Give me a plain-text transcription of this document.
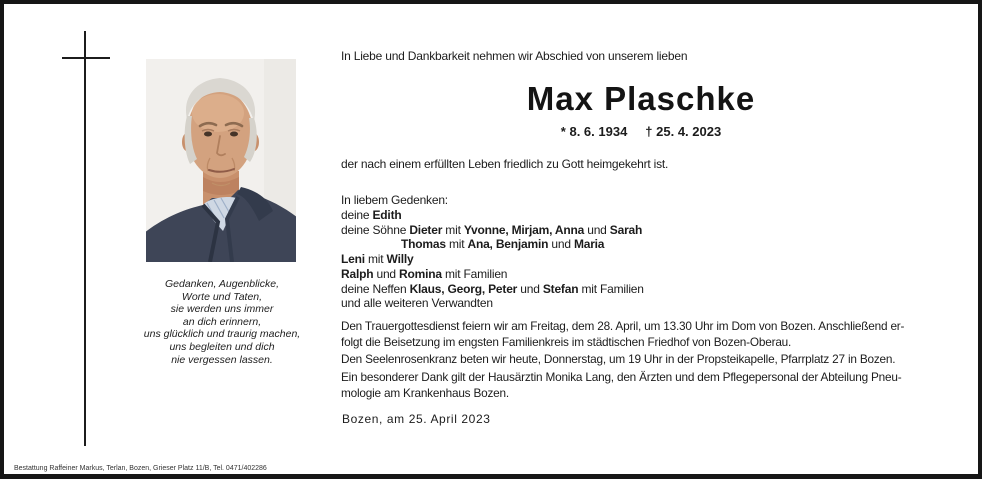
Gedanken, Augenblicke,
Worte und Taten,
sie werden uns immer
an dich erinnern,
uns glücklich und traurig machen,
uns begleiten und dich
nie vergessen lassen.
In Liebe und Dankbarkeit nehmen wir Abschied von unserem lieben
Max Plaschke
* 8. 6. 1934 † 25. 4. 2023
der nach einem erfüllten Leben friedlich zu Gott heimgekehrt ist.
In liebem Gedenken:
deine Edith
deine Söhne Dieter mit Yvonne, Mirjam, Anna und Sarah
Thomas mit Ana, Benjamin und Maria
Leni mit Willy
Ralph und Romina mit Familien
deine Neffen Klaus, Georg, Peter und Stefan mit Familien
und alle weiteren Verwandten

Den Trauergottesdienst feiern wir am Freitag, dem 28. April, um 13.30 Uhr im Dom von Bozen. Anschließend er-
folgt die Beisetzung im engsten Familienkreis im städtischen Friedhof von Bozen-Oberau.

Den Seelenrosenkranz beten wir heute, Donnerstag, um 19 Uhr in der Propsteikapelle, Pfarrplatz 27 in Bozen.

Ein besonderer Dank gilt der Hausärztin Monika Lang, den Ärzten und dem Pflegepersonal der Abteilung Pneu-
mologie am Krankenhaus Bozen.

Bozen, am 25. April 2023
Bestattung Raffeiner Markus, Terlan, Bozen, Grieser Platz 11/B, Tel. 0471/402286
